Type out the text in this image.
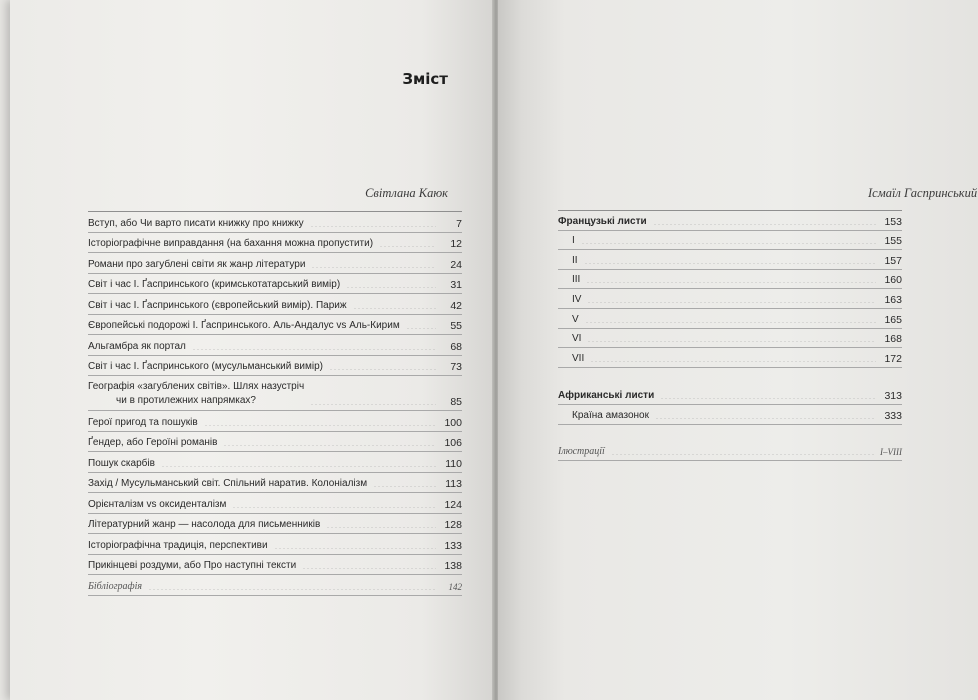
Зміст
Світлана Каюк
Вступ, або Чи варто писати книжку про книжку	7
Історіографічне виправдання (на бахання можна пропустити)	12
Романи про загублені світи як жанр літератури	24
Світ і час І. Ґаспринського (кримськотатарський вимір)	31
Світ і час І. Ґаспринського (європейський вимір). Париж	42
Європейські подорожі І. Ґаспринського. Аль-Андалус vs Аль-Кирим	55
Альгамбра як портал	68
Світ і час І. Ґаспринського (мусульманський вимір)	73
Географія «загублених світів». Шлях назустріч
чи в протилежних напрямках?	85
Герої пригод та пошуків	100
Ґендер, або Героїні романів	106
Пошук скарбів	110
Захід / Мусульманський світ. Спільний наратив. Колоніалізм	113
Орієнталізм vs оксиденталізм	124
Літературний жанр — насолода для письменників	128
Історіографічна традиція, перспективи	133
Прикінцеві роздуми, або Про наступні тексти	138
Бібліографія	142
Ісмаїл Гаспринський
Французькі листи	153
I	155
II	157
III	160
IV	163
V	165
VI	168
VII	172
Африканські листи	313
Країна амазонок	333
Ілюстрації	I–VIII
